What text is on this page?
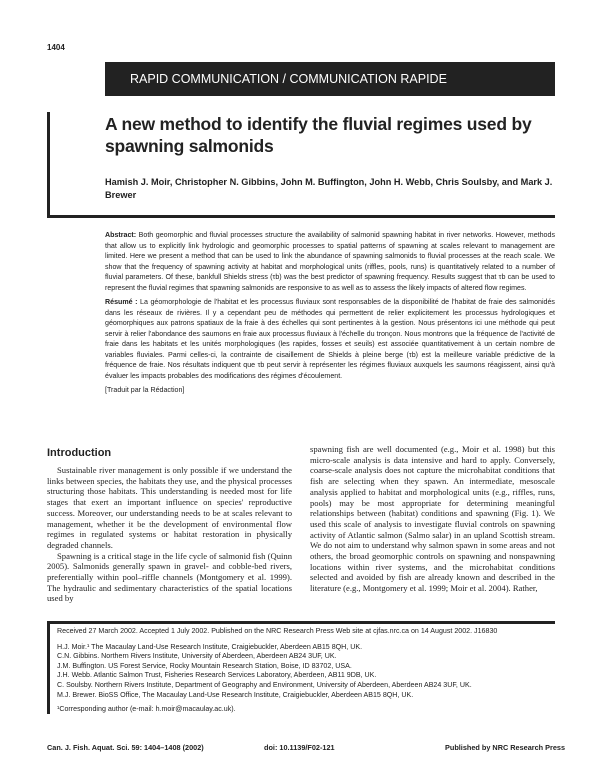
1404
RAPID COMMUNICATION / COMMUNICATION RAPIDE
A new method to identify the fluvial regimes used by spawning salmonids
Hamish J. Moir, Christopher N. Gibbins, John M. Buffington, John H. Webb, Chris Soulsby, and Mark J. Brewer

Abstract: Both geomorphic and fluvial processes structure the availability of salmonid spawning habitat in river networks. However, methods that allow us to explicitly link hydrologic and geomorphic processes to spatial patterns of spawning at scales relevant to management are limited. Here we present a method that can be used to link the abundance of spawning salmonids to fluvial processes at the reach scale. We show that the frequency of spawning activity at habitat and morphological units (riffles, pools, runs) is quantitatively related to a number of fluvial parameters. Of these, bankfull Shields stress (τb) was the best predictor of spawning frequency. Results suggest that τb can be used to represent the fluvial regimes that spawning salmonids are responsive to as well as to assess the likely impacts of altered flow regimes.

Résumé : La géomorphologie de l'habitat et les processus fluviaux sont responsables de la disponibilité de l'habitat de fraie des salmonidés dans les réseaux de rivières. Il y a cependant peu de méthodes qui permettent de relier explicitement les processus hydrologiques et géomorphiques aux patrons spatiaux de la fraie à des échelles qui sont pertinentes à la gestion. Nous présentons ici une méthode qui peut servir à relier l'abondance des saumons en fraie aux processus fluviaux à l'échelle du tronçon. Nous montrons que la fréquence de l'activité de fraie dans les habitats et les unités morphologiques (les rapides, fosses et seuils) est associée quantitativement à un certain nombre de variables fluviales. Parmi celles-ci, la contrainte de cisaillement de Shields à pleine berge (τb) est la meilleure variable prédictive de la fréquence de fraie. Nos résultats indiquent que τb peut servir à représenter les régimes fluviaux auxquels les saumons réagissent, ainsi qu'à évaluer les impacts probables des modifications des régimes d'écoulement.

[Traduit par la Rédaction]

Introduction

Sustainable river management is only possible if we understand the links between species, the habitats they use, and the physical processes structuring those habitats. This understanding is needed most for life stages that exert an important influence on species' reproductive success. Moreover, our understanding needs to be at scales relevant to management, whether it be the development of environmental flow regimes in regulated systems or habitat restoration in physically degraded channels.

Spawning is a critical stage in the life cycle of salmonid fish (Quinn 2005). Salmonids generally spawn in gravel- and cobble-bed rivers, preferentially within pool–riffle channels (Montgomery et al. 1999). The hydraulic and sedimentary characteristics of the spatial locations used by

spawning fish are well documented (e.g., Moir et al. 1998) but this micro-scale analysis is data intensive and hard to apply. Conversely, coarse-scale analysis does not capture the microhabitat conditions that fish are selecting when they spawn. An intermediate, mesoscale analysis applied to habitat and morphological units (e.g., riffles, runs, pools) may be most appropriate for determining meaningful relationships between (habitat) conditions and spawning (Fig. 1). We used this scale of analysis to investigate fluvial controls on spawning activity of Atlantic salmon (Salmo salar) in an upland Scottish stream. We do not aim to understand why salmon spawn in some areas and not others, the broad geomorphic controls on spawning and nonspawning locations within river systems, and the microhabitat conditions selected and avoided by fish are already known and described in the literature (e.g., Montgomery et al. 1999; Moir et al. 2004). Rather,

Received 27 March 2002. Accepted 1 July 2002. Published on the NRC Research Press Web site at cjfas.nrc.ca on 14 August 2002. J16830
H.J. Moir.¹ The Macaulay Land-Use Research Institute, Craigiebuckler, Aberdeen AB15 8QH, UK.
C.N. Gibbins. Northern Rivers Institute, University of Aberdeen, Aberdeen AB24 3UF, UK.
J.M. Buffington. US Forest Service, Rocky Mountain Research Station, Boise, ID 83702, USA.
J.H. Webb. Atlantic Salmon Trust, Fisheries Research Services Laboratory, Aberdeen, AB11 9DB, UK.
C. Soulsby. Northern Rivers Institute, Department of Geography and Environment, University of Aberdeen, Aberdeen AB24 3UF, UK.
M.J. Brewer. BioSS Office, The Macaulay Land-Use Research Institute, Craigiebuckler, Aberdeen AB15 8QH, UK.
¹Corresponding author (e-mail: h.moir@macaulay.ac.uk).
Can. J. Fish. Aquat. Sci. 59: 1404–1408 (2002)	doi: 10.1139/F02-121	Published by NRC Research Press
